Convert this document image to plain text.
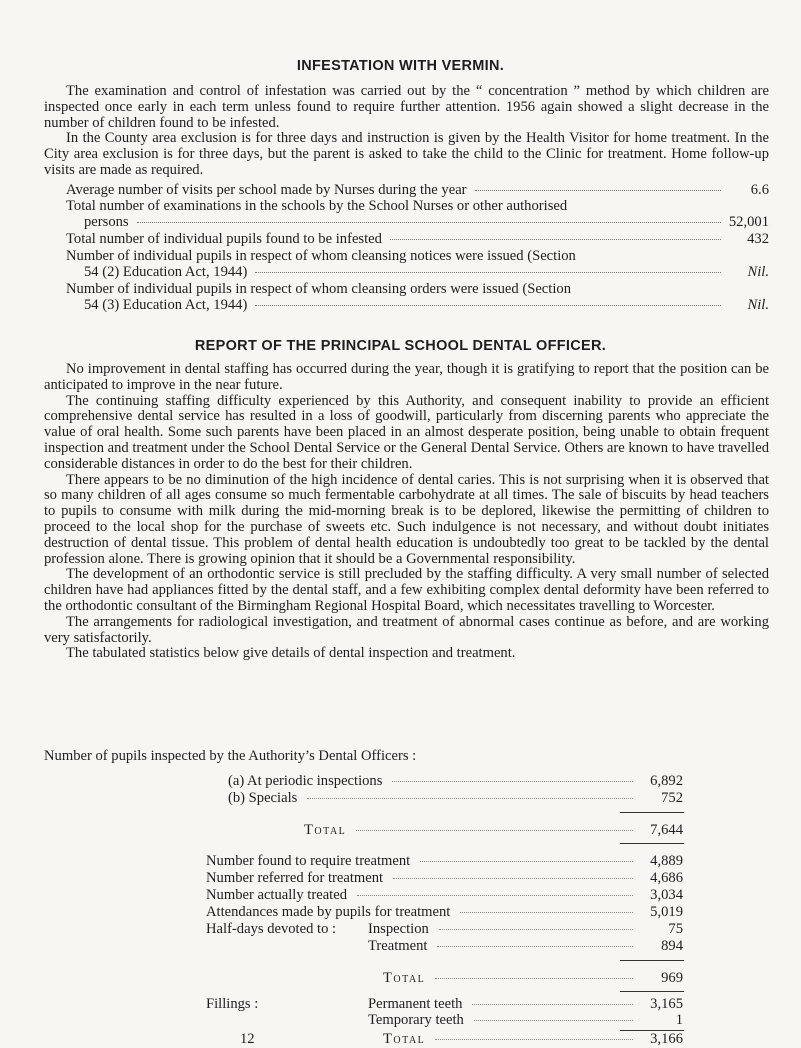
INFESTATION WITH VERMIN.

The examination and control of infestation was carried out by the “ concentration ” method by which children are inspected once early in each term unless found to require further attention. 1956 again showed a slight decrease in the number of children found to be infested.

In the County area exclusion is for three days and instruction is given by the Health Visitor for home treatment. In the City area exclusion is for three days, but the parent is asked to take the child to the Clinic for treatment. Home follow-up visits are made as required.

Average number of visits per school made by Nurses during the year	6.6
Total number of examinations in the schools by the School Nurses or other authorised
persons	52,001
Total number of individual pupils found to be infested	432
Number of individual pupils in respect of whom cleansing notices were issued (Section
54 (2) Education Act, 1944)	Nil.
Number of individual pupils in respect of whom cleansing orders were issued (Section
54 (3) Education Act, 1944)	Nil.
REPORT OF THE PRINCIPAL SCHOOL DENTAL OFFICER.

No improvement in dental staffing has occurred during the year, though it is gratifying to report that the position can be anticipated to improve in the near future.

The continuing staffing difficulty experienced by this Authority, and consequent inability to provide an efficient comprehensive dental service has resulted in a loss of goodwill, particularly from discerning parents who appreciate the value of oral health. Some such parents have been placed in an almost desperate position, being unable to obtain frequent inspection and treatment under the School Dental Service or the General Dental Service. Others are known to have travelled considerable distances in order to do the best for their children.

There appears to be no diminution of the high incidence of dental caries. This is not surprising when it is observed that so many children of all ages consume so much fermentable carbohydrate at all times. The sale of biscuits by head teachers to pupils to consume with milk during the mid-morning break is to be deplored, likewise the permitting of children to proceed to the local shop for the purchase of sweets etc. Such indulgence is not necessary, and without doubt initiates destruction of dental tissue. This problem of dental health education is undoubtedly too great to be tackled by the dental profession alone. There is growing opinion that it should be a Governmental responsibility.

The development of an orthodontic service is still precluded by the staffing difficulty. A very small number of selected children have had appliances fitted by the dental staff, and a few exhibiting complex dental deformity have been referred to the orthodontic consultant of the Birmingham Regional Hospital Board, which necessitates travelling to Worcester.

The arrangements for radiological investigation, and treatment of abnormal cases continue as before, and are working very satisfactorily.

The tabulated statistics below give details of dental inspection and treatment.

Number of pupils inspected by the Authority’s Dental Officers :
(a) At periodic inspections	6,892
(b) Specials	752
Total	7,644
Number found to require treatment	4,889
Number referred for treatment	4,686
Number actually treated	3,034
Attendances made by pupils for treatment	5,019
Half-days devoted to : Inspection	75
Treatment	894
Total	969
Fillings :	Permanent teeth	3,165
Temporary teeth	1
Total	3,166
12
